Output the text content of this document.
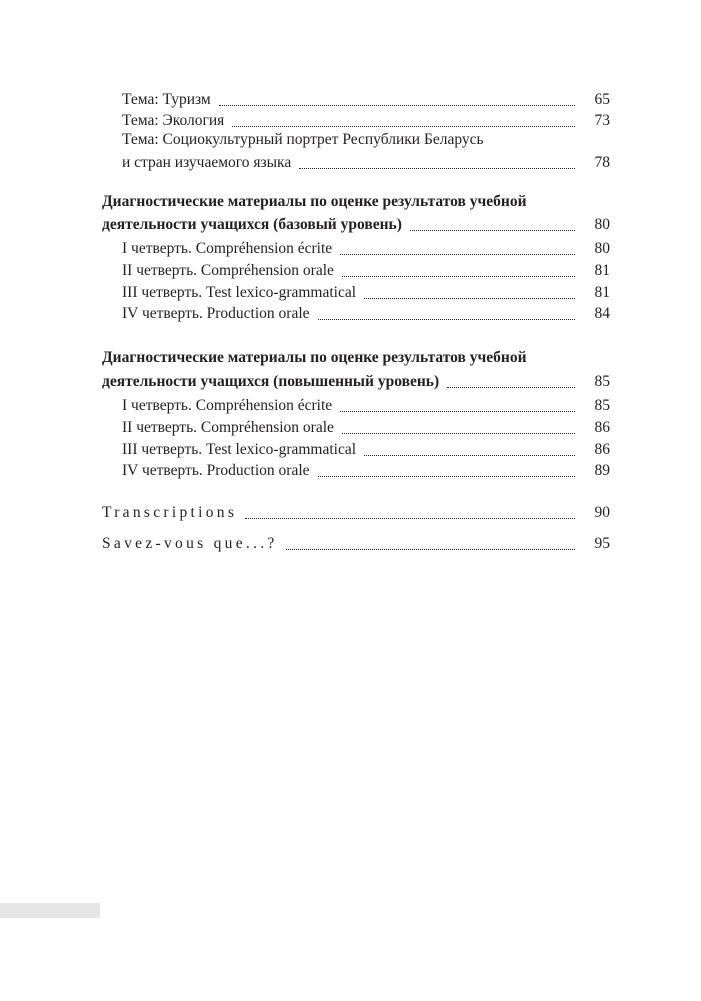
Тема: Туризм	65
Тема: Экология	73
Тема: Социокультурный портрет Республики Беларусь
и стран изучаемого языка	78
Диагностические материалы по оценке результатов учебной
деятельности учащихся (базовый уровень)	80
I четверть. Compréhension écrite	80
II четверть. Compréhension orale	81
III четверть. Test lexico-grammatical	81
IV четверть. Production orale	84
Диагностические материалы по оценке результатов учебной
деятельности учащихся (повышенный уровень)	85
I четверть. Compréhension écrite	85
II четверть. Compréhension orale	86
III четверть. Test lexico-grammatical	86
IV четверть. Production orale	89
Transcriptions	90
Savez-vous que...?	95
